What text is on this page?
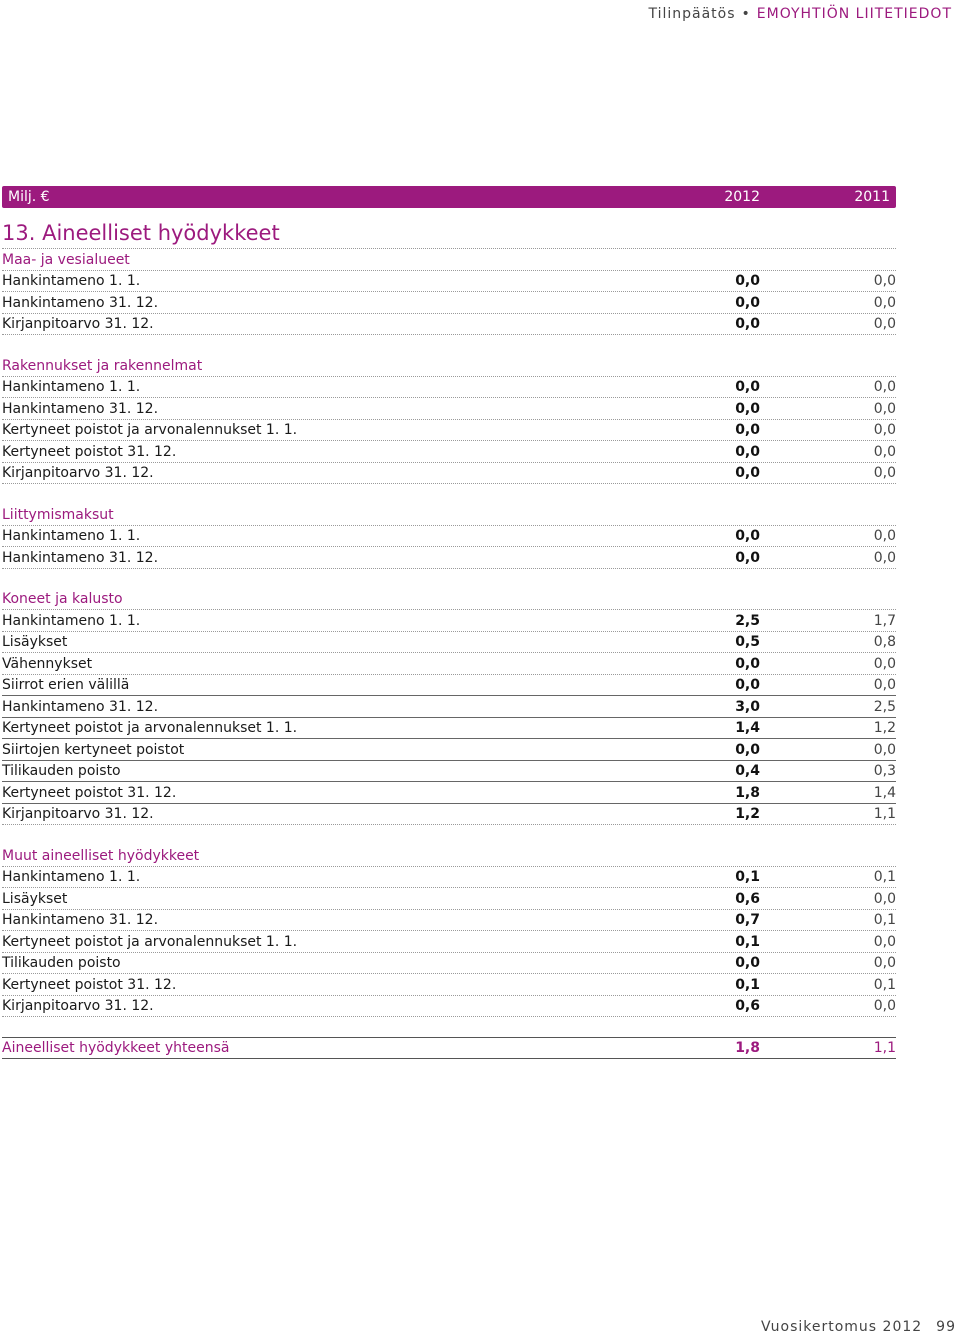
Tilinpäätös • EMOYHTIÖN LIITETIEDOT
Milj. €	2012	2011
13. Aineelliset hyödykkeet
Maa- ja vesialueet
Hankintameno 1. 1.	0,0	0,0
Hankintameno 31. 12.	0,0	0,0
Kirjanpitoarvo 31. 12.	0,0	0,0
Rakennukset ja rakennelmat
Hankintameno 1. 1.	0,0	0,0
Hankintameno 31. 12.	0,0	0,0
Kertyneet poistot ja arvonalennukset 1. 1.	0,0	0,0
Kertyneet poistot 31. 12.	0,0	0,0
Kirjanpitoarvo 31. 12.	0,0	0,0
Liittymismaksut
Hankintameno 1. 1.	0,0	0,0
Hankintameno 31. 12.	0,0	0,0
Koneet ja kalusto
Hankintameno 1. 1.	2,5	1,7
Lisäykset	0,5	0,8
Vähennykset	0,0	0,0
Siirrot erien välillä	0,0	0,0
Hankintameno 31. 12.	3,0	2,5
Kertyneet poistot ja arvonalennukset 1. 1.	1,4	1,2
Siirtojen kertyneet poistot	0,0	0,0
Tilikauden poisto	0,4	0,3
Kertyneet poistot 31. 12.	1,8	1,4
Kirjanpitoarvo 31. 12.	1,2	1,1
Muut aineelliset hyödykkeet
Hankintameno 1. 1.	0,1	0,1
Lisäykset	0,6	0,0
Hankintameno 31. 12.	0,7	0,1
Kertyneet poistot ja arvonalennukset 1. 1.	0,1	0,0
Tilikauden poisto	0,0	0,0
Kertyneet poistot 31. 12.	0,1	0,1
Kirjanpitoarvo 31. 12.	0,6	0,0
Aineelliset hyödykkeet yhteensä	1,8	1,1
Vuosikertomus 2012 99
